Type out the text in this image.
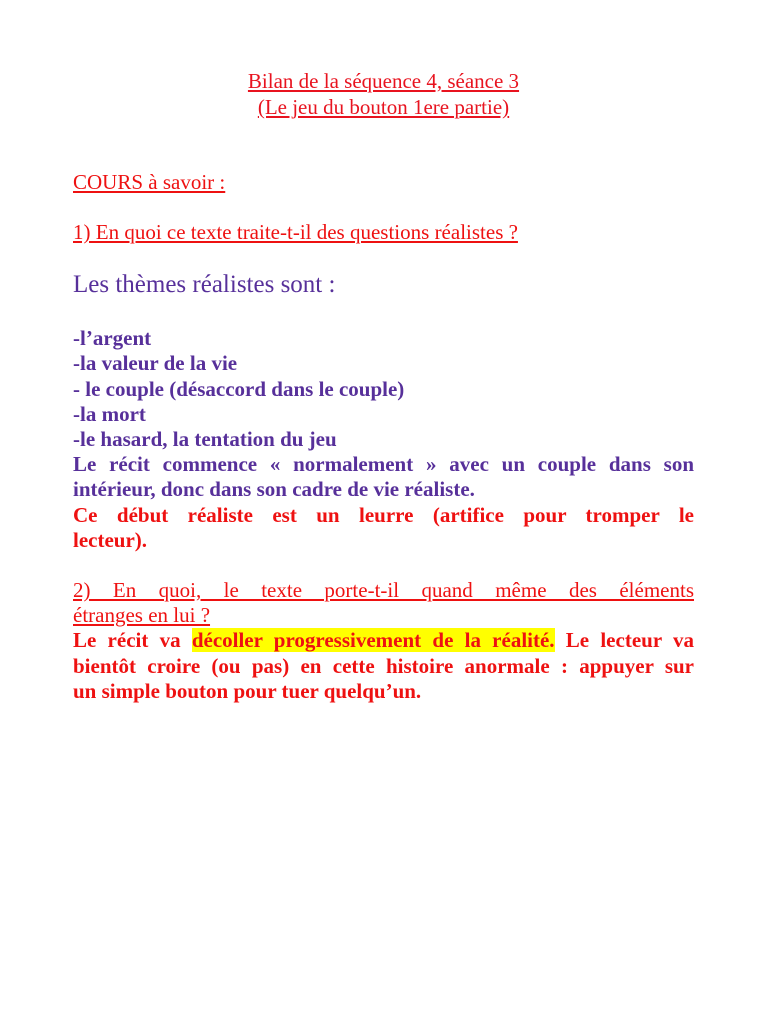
Bilan de la séquence 4, séance 3
(Le jeu du bouton 1ere partie)
COURS à savoir :
1) En quoi ce texte traite-t-il des questions réalistes ?
Les thèmes réalistes sont :
-l’argent
-la valeur de la vie
- le couple (désaccord dans le couple)
-la mort
-le hasard, la tentation du jeu
Le récit commence « normalement » avec un couple dans son
intérieur, donc dans son cadre de vie réaliste.
Ce début réaliste est un leurre (artifice pour tromper le
lecteur).
2) En quoi, le texte porte-t-il quand même des éléments
étranges en lui ?
Le récit va décoller progressivement de la réalité. Le lecteur va
bientôt croire (ou pas) en cette histoire anormale : appuyer sur
un simple bouton pour tuer quelqu’un.
